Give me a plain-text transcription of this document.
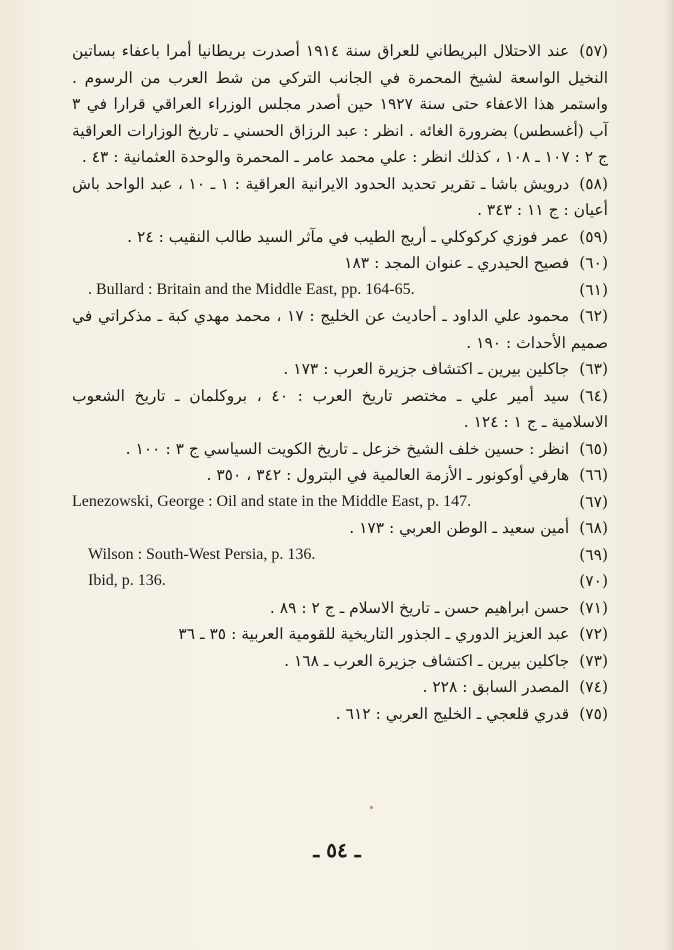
(٥٧)عند الاحتلال البريطاني للعراق سنة ١٩١٤ أصدرت بريطانيا أمرا باعفاء بساتين النخيل الواسعة لشيخ المحمرة في الجانب التركي من شط العرب من الرسوم . واستمر هذا الاعفاء حتى سنة ١٩٢٧ حين أصدر مجلس الوزراء العراقي قرارا في ٣ آب (أغسطس) بضرورة الغائه . انظر : عبد الرزاق الحسني ـ تاريخ الوزارات العراقية ج ٢ : ١٠٧ ـ ١٠٨ ، كذلك انظر : علي محمد عامر ـ المحمرة والوحدة العثمانية : ٤٣ .

(٥٨)درويش باشا ـ تقرير تحديد الحدود الايرانية العراقية : ١ ـ ١٠ ، عبد الواحد باش أعيان : ج ١١ : ٣٤٣ .

(٥٩)عمر فوزي كركوكلي ـ أريج الطيب في مآثر السيد طالب النقيب : ٢٤ .

(٦٠)فصيح الحيدري ـ عنوان المجد : ١٨٣

(٦١)
. Bullard : Britain and the Middle East, pp. 164-65.

(٦٢)محمود علي الداود ـ أحاديث عن الخليج : ١٧ ، محمد مهدي كبة ـ مذكراتي في صميم الأحداث : ١٩٠ .

(٦٣)جاكلين بيرين ـ اكتشاف جزيرة العرب : ١٧٣ .

(٦٤)سيد أمير علي ـ مختصر تاريخ العرب : ٤٠ ، بروكلمان ـ تاريخ الشعوب الاسلامية ـ ج ١ : ١٢٤ .

(٦٥)انظر : حسين خلف الشيخ خزعل ـ تاريخ الكويت السياسي ج ٣ : ١٠٠ .

(٦٦)هارفي أوكونور ـ الأزمة العالمية في البترول : ٣٤٢ ، ٣٥٠ .

(٦٧)
Lenezowski, George : Oil and state in the Middle East, p. 147.

(٦٨)أمين سعيد ـ الوطن العربي : ١٧٣ .

(٦٩)
Wilson : South-West Persia, p. 136.
(٧٠)
Ibid, p. 136.

(٧١)حسن ابراهيم حسن ـ تاريخ الاسلام ـ ج ٢ : ٨٩ .

(٧٢)عبد العزيز الدوري ـ الجذور التاريخية للقومية العربية : ٣٥ ـ ٣٦

(٧٣)جاكلين بيرين ـ اكتشاف جزيرة العرب ـ ١٦٨ .

(٧٤)المصدر السابق : ٢٢٨ .

(٧٥)قدري قلعجي ـ الخليج العربي : ٦١٢ .

ـ ٥٤ ـ
